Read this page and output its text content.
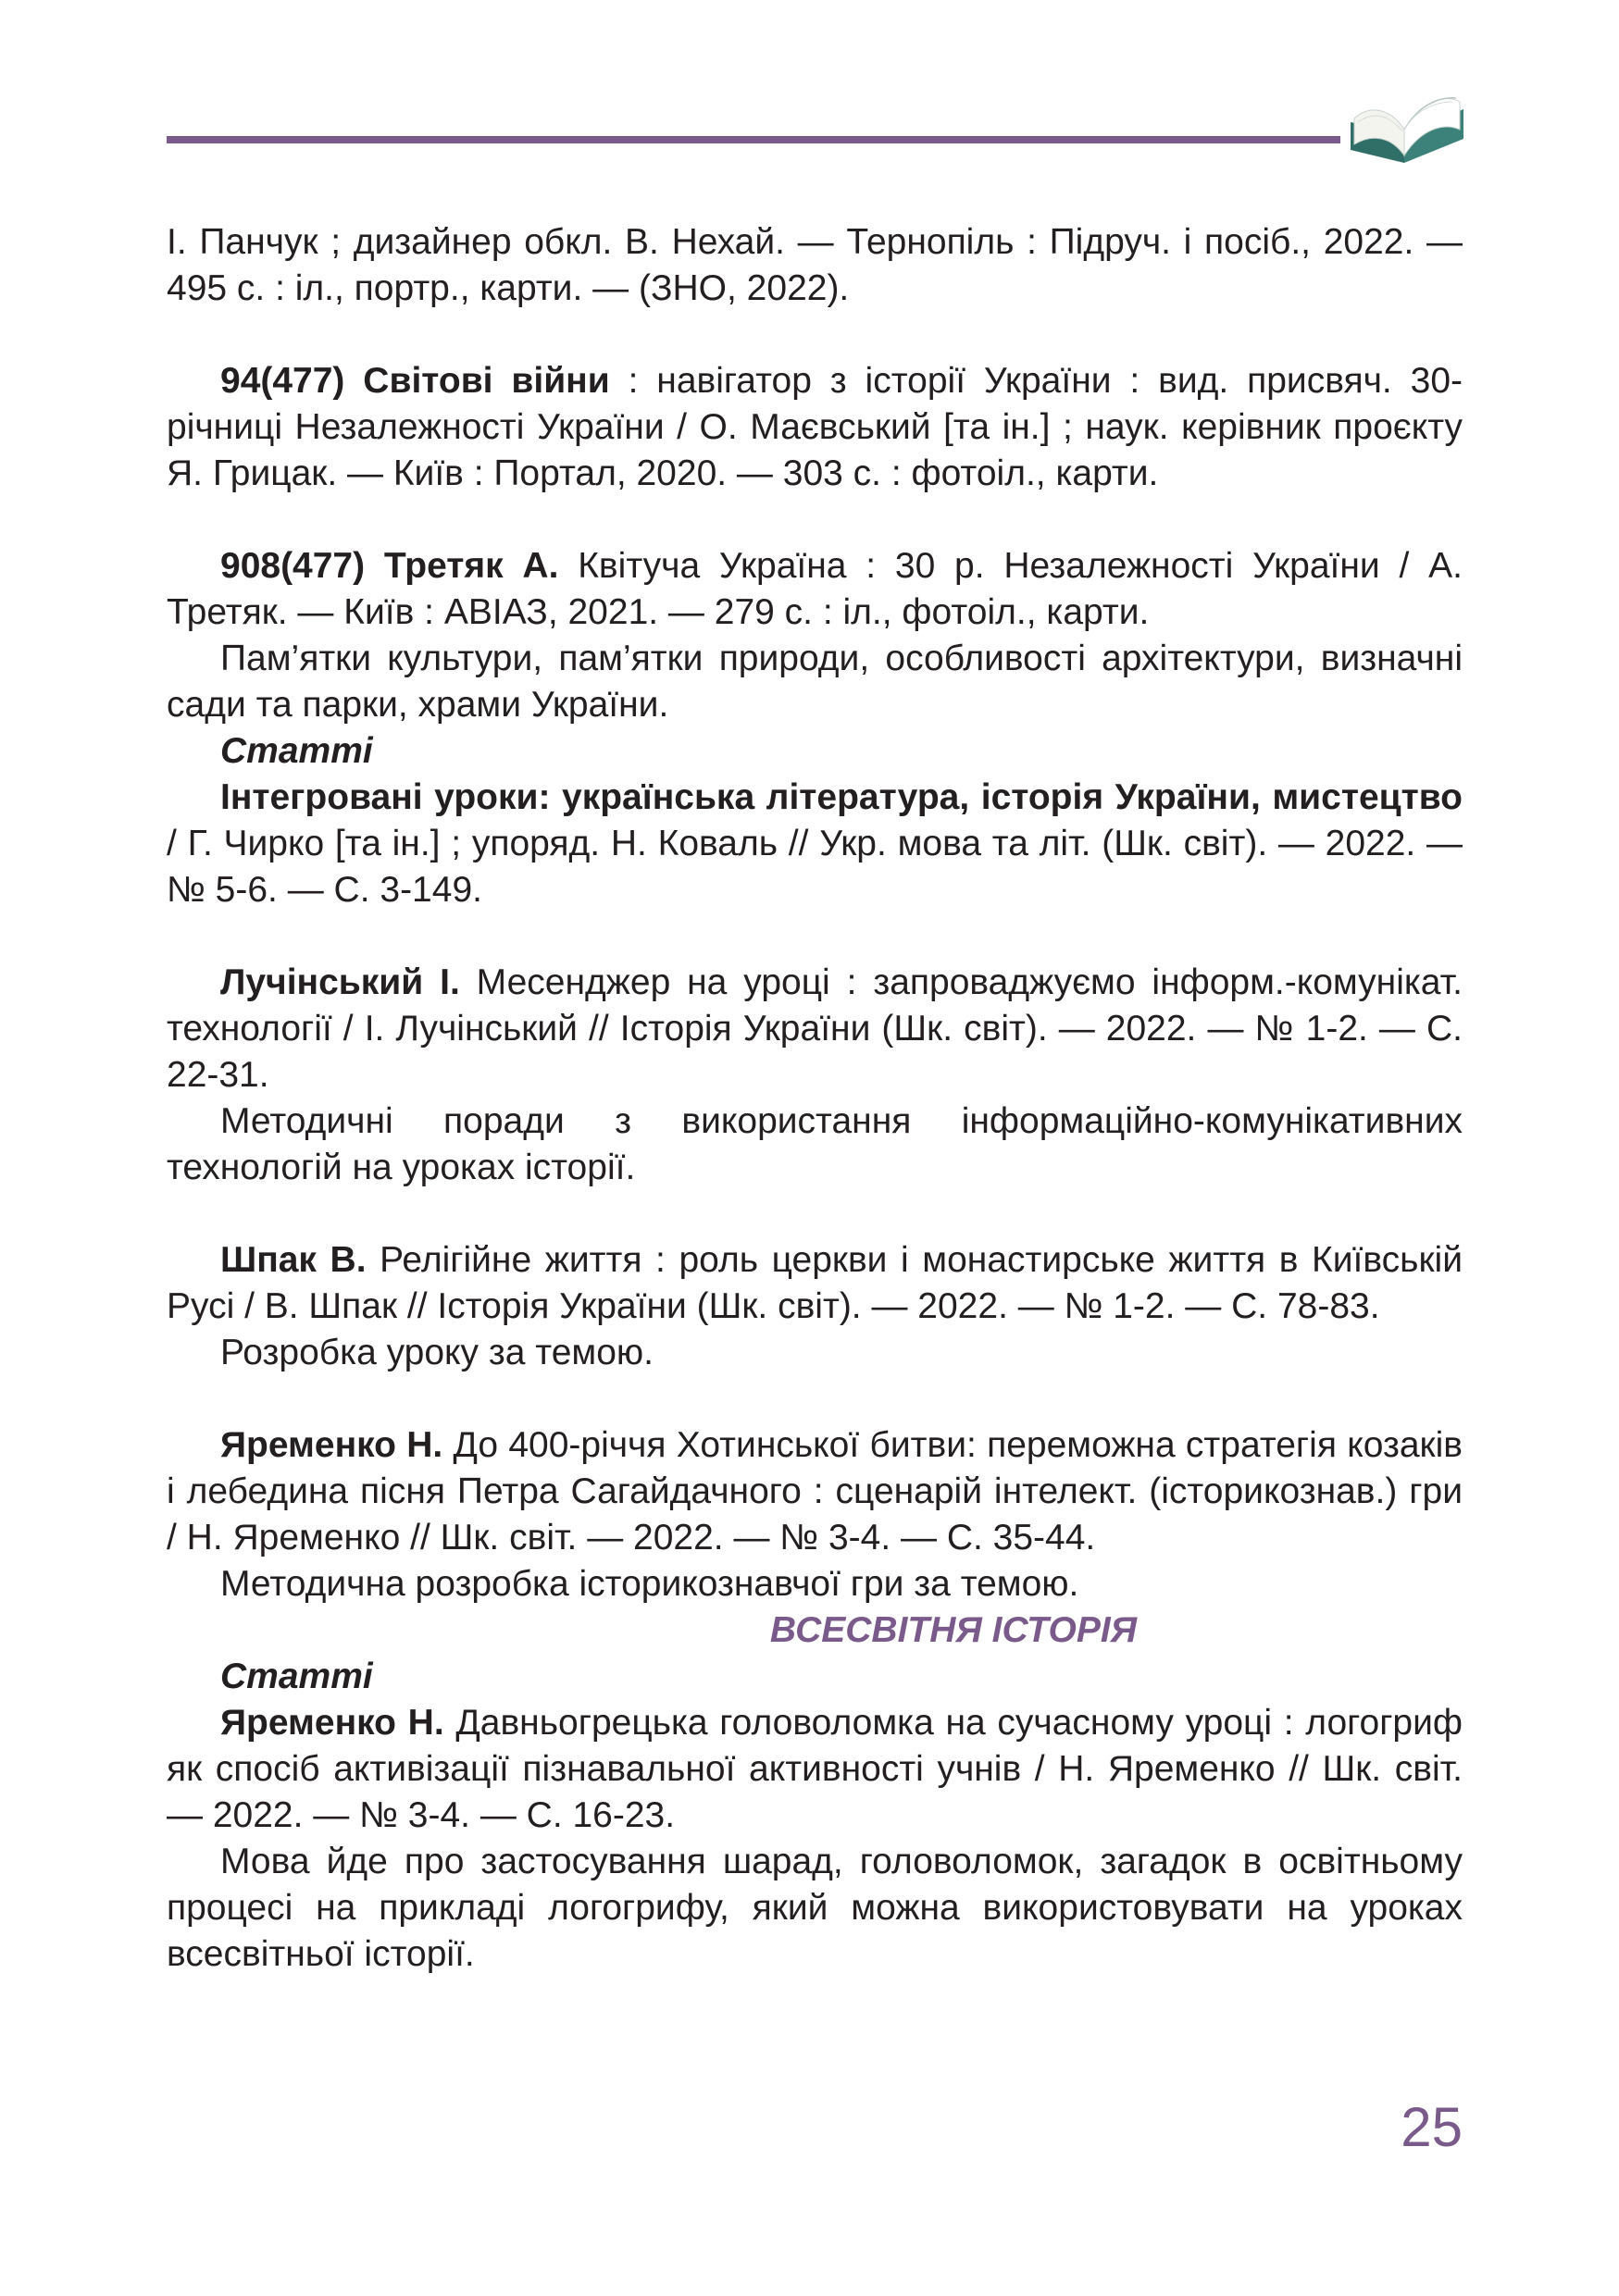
І. Панчук ; дизайнер обкл. В. Нехай. — Тернопіль : Підруч. і посіб., 2022. — 495 с. : іл., портр., карти. — (ЗНО, 2022).

94(477) Світові війни : навігатор з історії України : вид. присвяч. 30-річниці Незалежності України / О. Маєвський [та ін.] ; наук. керівник проєкту Я. Грицак. — Київ : Портал, 2020. — 303 с. : фотоіл., карти.

908(477) Третяк А. Квітуча Україна : 30 р. Незалежності України / А. Третяк. — Київ : АВІАЗ, 2021. — 279 с. : іл., фотоіл., карти.

Пам’ятки культури, пам’ятки природи, особливості архітектури, визначні сади та парки, храми України.

Статті

Інтегровані уроки: українська література, історія України, мистецтво / Г. Чирко [та ін.] ; упоряд. Н. Коваль // Укр. мова та літ. (Шк. світ). — 2022. — № 5-6. — С. 3-149.

Лучінський І. Месенджер на уроці : запроваджуємо інформ.-комунікат. технології / І. Лучінський // Історія України (Шк. світ). — 2022. — № 1-2. — С. 22-31.

Методичні поради з використання інформаційно-комунікативних технологій на уроках історії.

Шпак В. Релігійне життя : роль церкви і монастирське життя в Київській Русі / В. Шпак // Історія України (Шк. світ). — 2022. — № 1-2. — С. 78-83.

Розробка уроку за темою.

Яременко Н. До 400-річчя Хотинської битви: переможна стратегія козаків і лебедина пісня Петра Сагайдачного : сценарій інтелект. (історикознав.) гри / Н. Яременко // Шк. світ. — 2022. — № 3-4. — С. 35-44.

Методична розробка історикознавчої гри за темою.

ВСЕСВІТНЯ ІСТОРІЯ

Статті

Яременко Н. Давньогрецька головоломка на сучасному уроці : логогриф як спосіб активізації пізнавальної активності учнів / Н. Яременко // Шк. світ. — 2022. — № 3-4. — С. 16-23.

Мова йде про застосування шарад, головоломок, загадок в освітньому процесі на прикладі логогрифу, який можна використовувати на уроках всесвітньої історії.

25
